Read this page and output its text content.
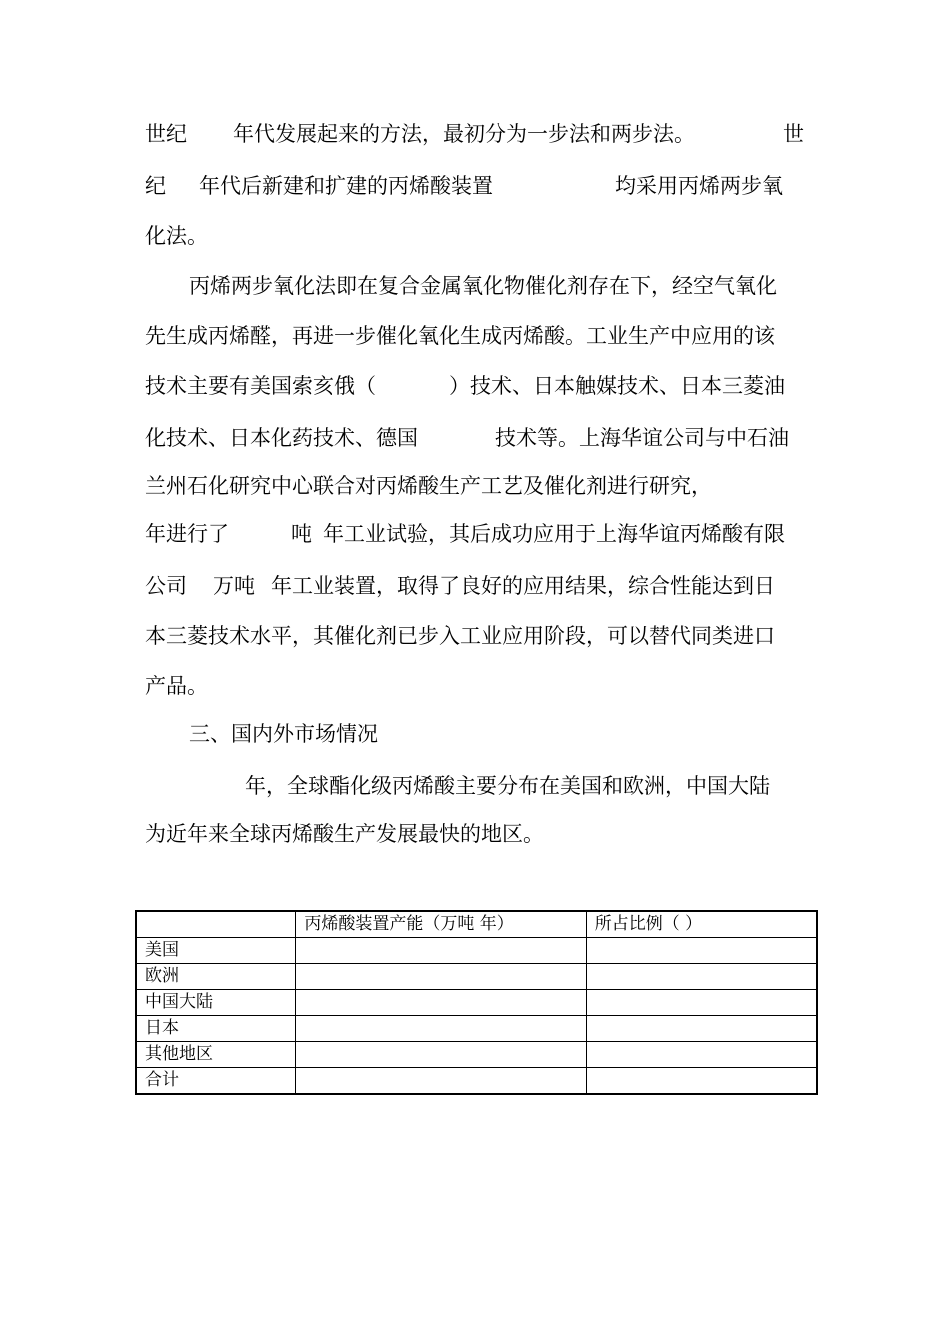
世纪

年代发展起来的方法，最初分为一步法和两步法。

	世

纪

年代后新建和扩建的丙烯酸装置

	均采用丙烯两步氧

化法。

丙烯两步氧化法即在复合金属氧化物催化剂存在下，经空气氧化

先生成丙烯醛，再进一步催化氧化生成丙烯酸。工业生产中应用的该

技术主要有美国索亥俄（

	）技术、日本触媒技术、日本三菱油

化技术、日本化药技术、德国

	技术等。上海华谊公司与中石油

兰州石化研究中心联合对丙烯酸生产工艺及催化剂进行研究，

年进行了

	吨

年工业试验，其后成功应用于上海华谊丙烯酸有限

公司

万吨

年工业装置，取得了良好的应用结果，综合性能达到日

本三菱技术水平，其催化剂已步入工业应用阶段，可以替代同类进口

产品。

三、国内外市场情况

年，全球酯化级丙烯酸主要分布在美国和欧洲，中国大陆

为近年来全球丙烯酸生产发展最快的地区。

	丙烯酸装置产能（万吨 年）	所占比例（ ）
美国		
欧洲		
中国大陆		
日本		
其他地区		
合计		
